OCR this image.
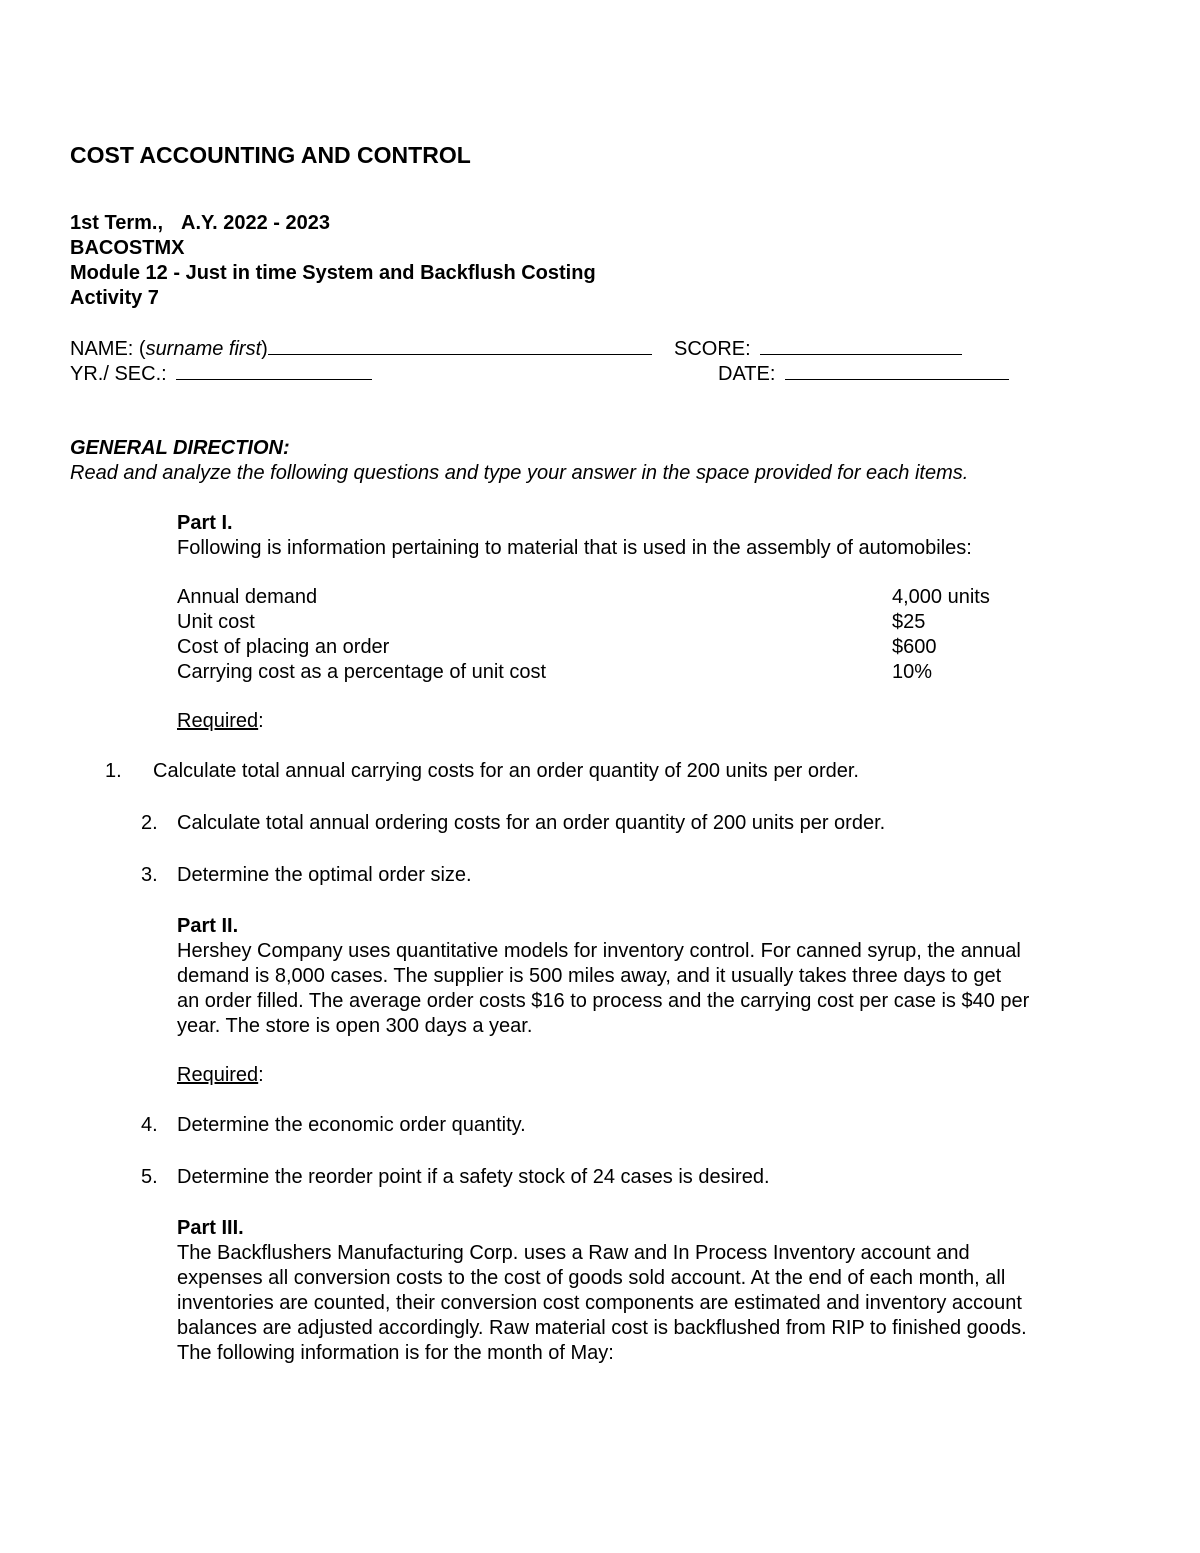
COST ACCOUNTING AND CONTROL
1st Term., A.Y. 2022 - 2023
BACOSTMX
Module 12 - Just in time System and Backflush Costing
Activity 7
NAME: (surname first)	SCORE:
YR./ SEC.:	DATE:
GENERAL DIRECTION:
Read and analyze the following questions and type your answer in the space provided for each items.
Part I.
Following is information pertaining to material that is used in the assembly of automobiles:
Annual demand	4,000 units
Unit cost	$25
Cost of placing an order	$600
Carrying cost as a percentage of unit cost	10%
Required:
1. Calculate total annual carrying costs for an order quantity of 200 units per order.
2. Calculate total annual ordering costs for an order quantity of 200 units per order.
3. Determine the optimal order size.
Part II.
Hershey Company uses quantitative models for inventory control. For canned syrup, the annual
demand is 8,000 cases. The supplier is 500 miles away, and it usually takes three days to get
an order filled. The average order costs $16 to process and the carrying cost per case is $40 per
year. The store is open 300 days a year.
Required:
4. Determine the economic order quantity.
5. Determine the reorder point if a safety stock of 24 cases is desired.
Part III.
The Backflushers Manufacturing Corp. uses a Raw and In Process Inventory account and
expenses all conversion costs to the cost of goods sold account. At the end of each month, all
inventories are counted, their conversion cost components are estimated and inventory account
balances are adjusted accordingly. Raw material cost is backflushed from RIP to finished goods.
The following information is for the month of May:
